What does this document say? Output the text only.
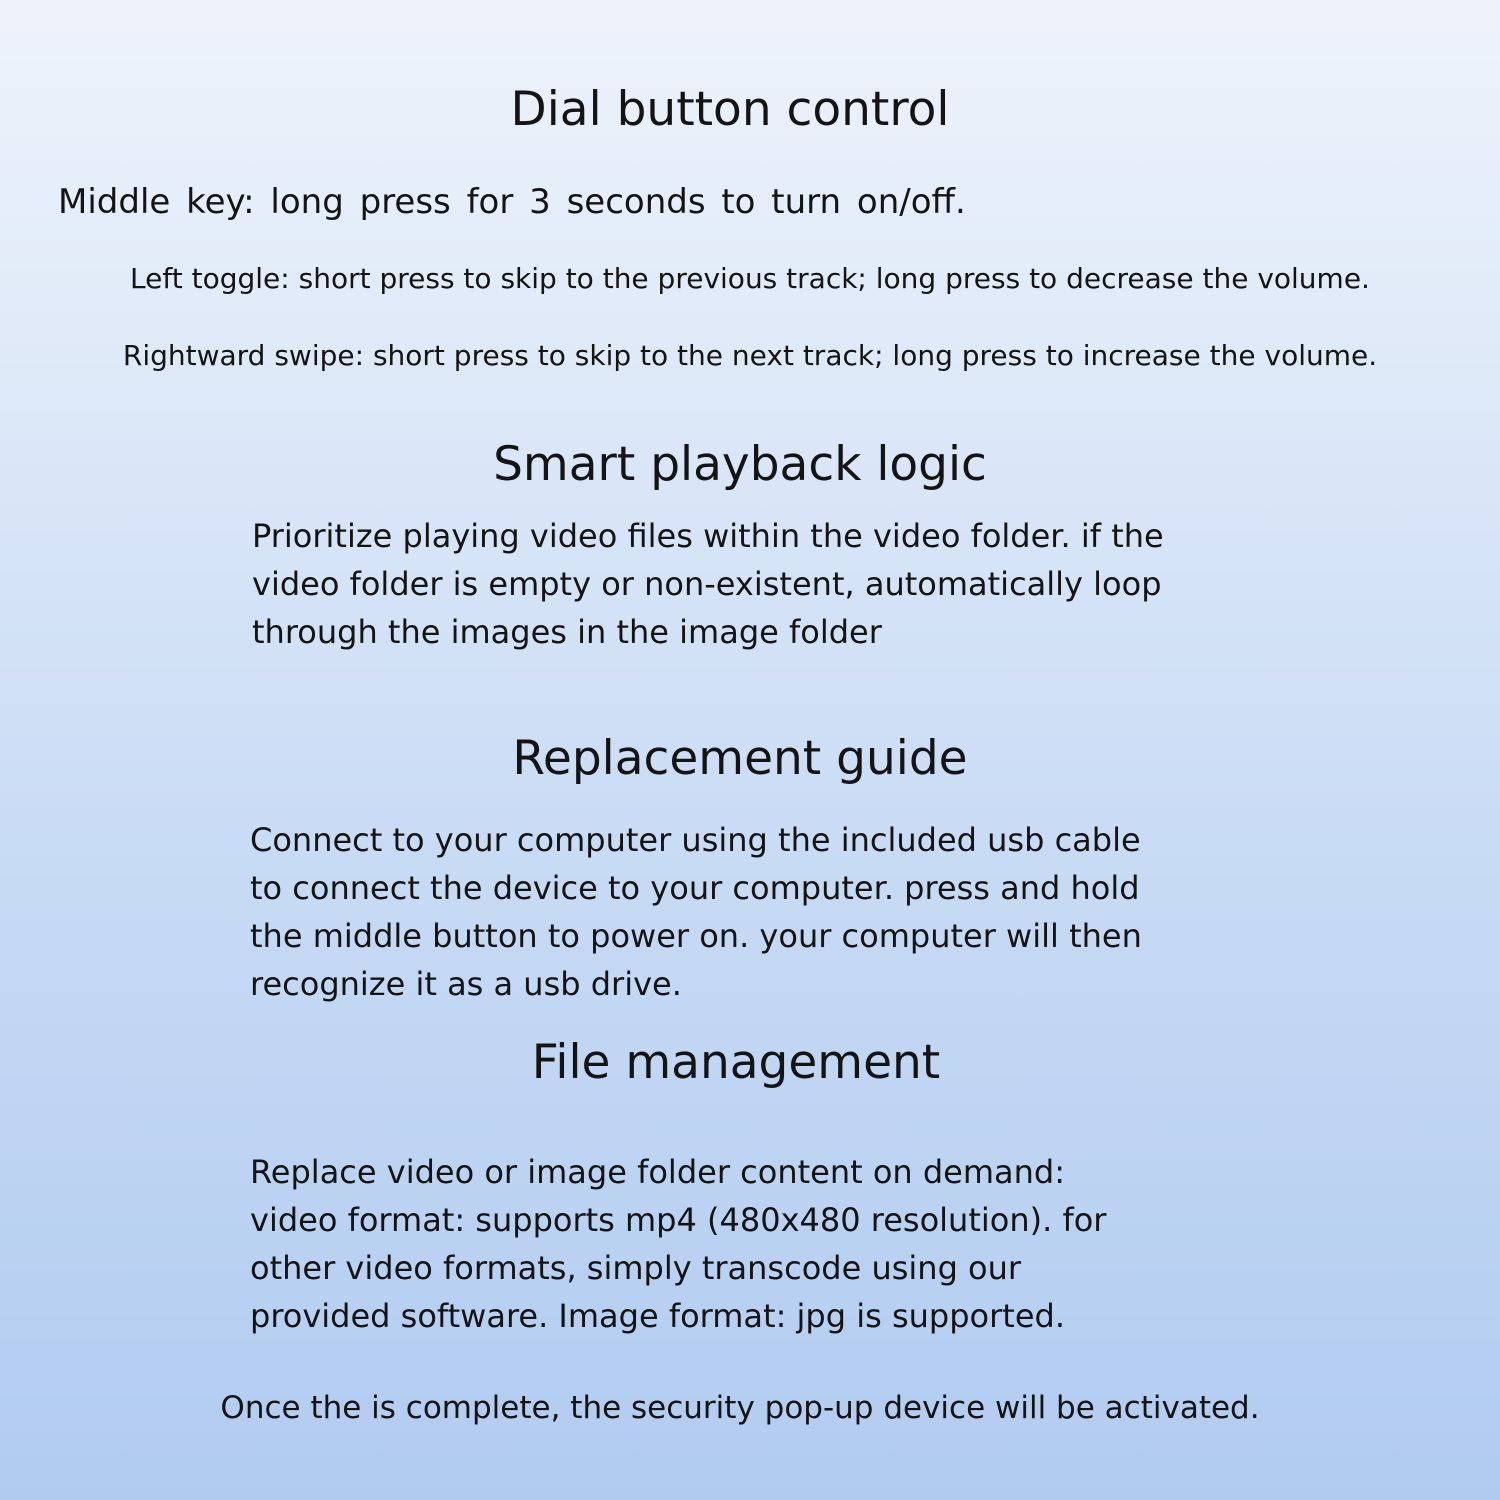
Dial button control

Middle key: long press for 3 seconds to turn on/off.

Left toggle: short press to skip to the previous track; long press to decrease the volume.

Rightward swipe: short press to skip to the next track; long press to increase the volume.

Smart playback logic
Prioritize playing video files within the video folder. if the
video folder is empty or non-existent, automatically loop
through the images in the image folder
Replacement guide
Connect to your computer using the included usb cable
to connect the device to your computer. press and hold
the middle button to power on. your computer will then
recognize it as a usb drive.
File management
Replace video or image folder content on demand:
video format: supports mp4 (480x480 resolution). for
other video formats, simply transcode using our
provided software. Image format: jpg is supported.

Once the is complete, the security pop-up device will be activated.
